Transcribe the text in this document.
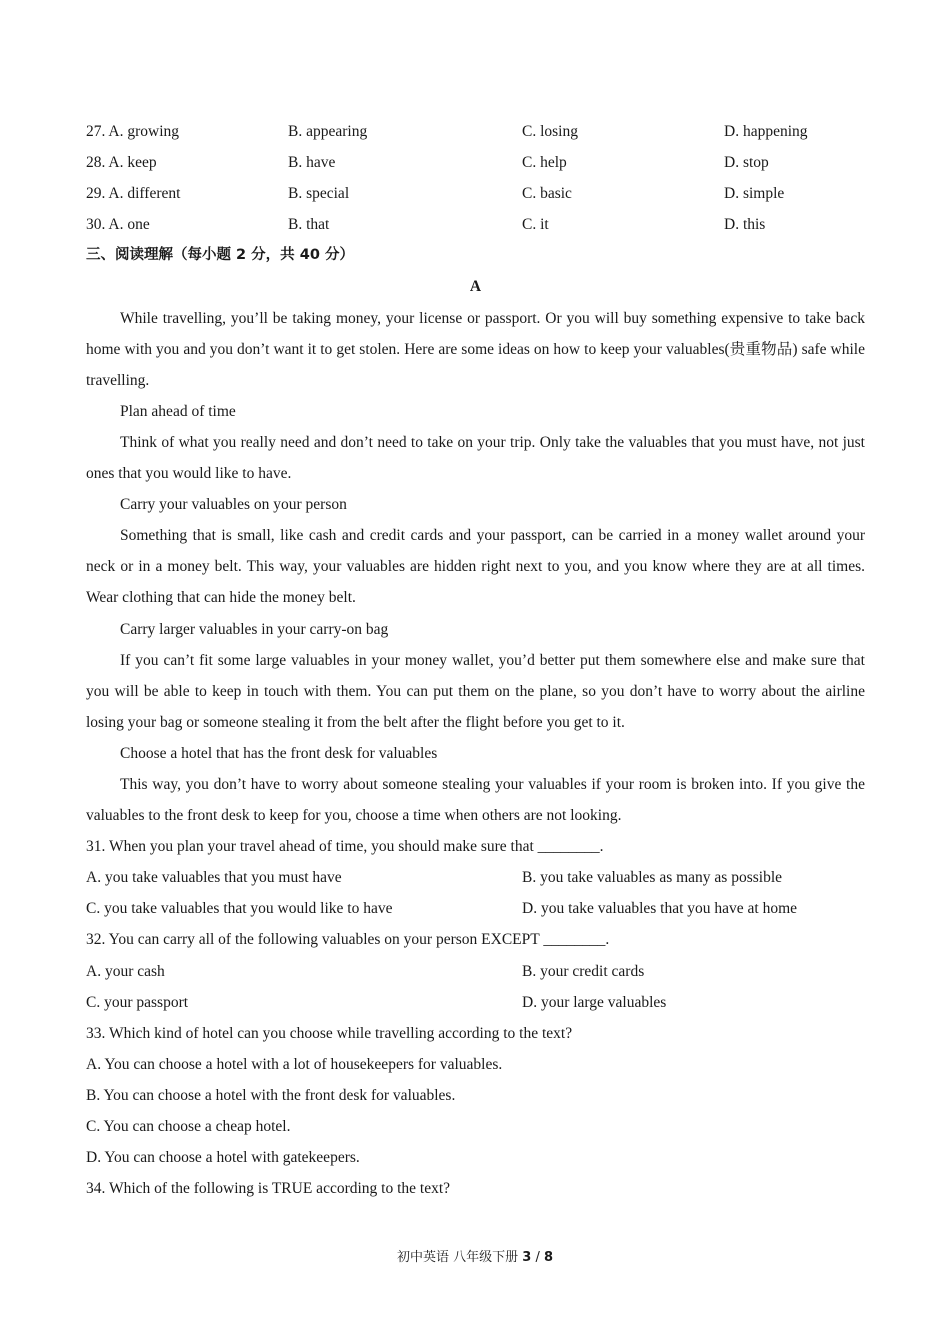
27. A. growing	B. appearing	C. losing	D. happening
28. A. keep	B. have	C. help	D. stop
29. A. different	B. special	C. basic	D. simple
30. A. one	B. that	C. it	D. this
三、阅读理解（每小题 2 分，共 40 分）
A
While travelling, you’ll be taking money, your license or passport. Or you will buy something expensive to take back home with you and you don’t want it to get stolen. Here are some ideas on how to keep your valuables(贵重物品) safe while travelling.
Plan ahead of time
Think of what you really need and don’t need to take on your trip. Only take the valuables that you must have, not just ones that you would like to have.
Carry your valuables on your person
Something that is small, like cash and credit cards and your passport, can be carried in a money wallet around your neck or in a money belt. This way, your valuables are hidden right next to you, and you know where they are at all times. Wear clothing that can hide the money belt.
Carry larger valuables in your carry-on bag
If you can’t fit some large valuables in your money wallet, you’d better put them somewhere else and make sure that you will be able to keep in touch with them. You can put them on the plane, so you don’t have to worry about the airline losing your bag or someone stealing it from the belt after the flight before you get to it.
Choose a hotel that has the front desk for valuables
This way, you don’t have to worry about someone stealing your valuables if your room is broken into. If you give the valuables to the front desk to keep for you, choose a time when others are not looking.
31. When you plan your travel ahead of time, you should make sure that ________.
A. you take valuables that you must have	B. you take valuables as many as possible
C. you take valuables that you would like to have	D. you take valuables that you have at home
32. You can carry all of the following valuables on your person EXCEPT ________.
A. your cash	B. your credit cards
C. your passport	D. your large valuables
33. Which kind of hotel can you choose while travelling according to the text?
A. You can choose a hotel with a lot of housekeepers for valuables.
B. You can choose a hotel with the front desk for valuables.
C. You can choose a cheap hotel.
D. You can choose a hotel with gatekeepers.
34. Which of the following is TRUE according to the text?
初中英语 八年级下册 3 / 8
